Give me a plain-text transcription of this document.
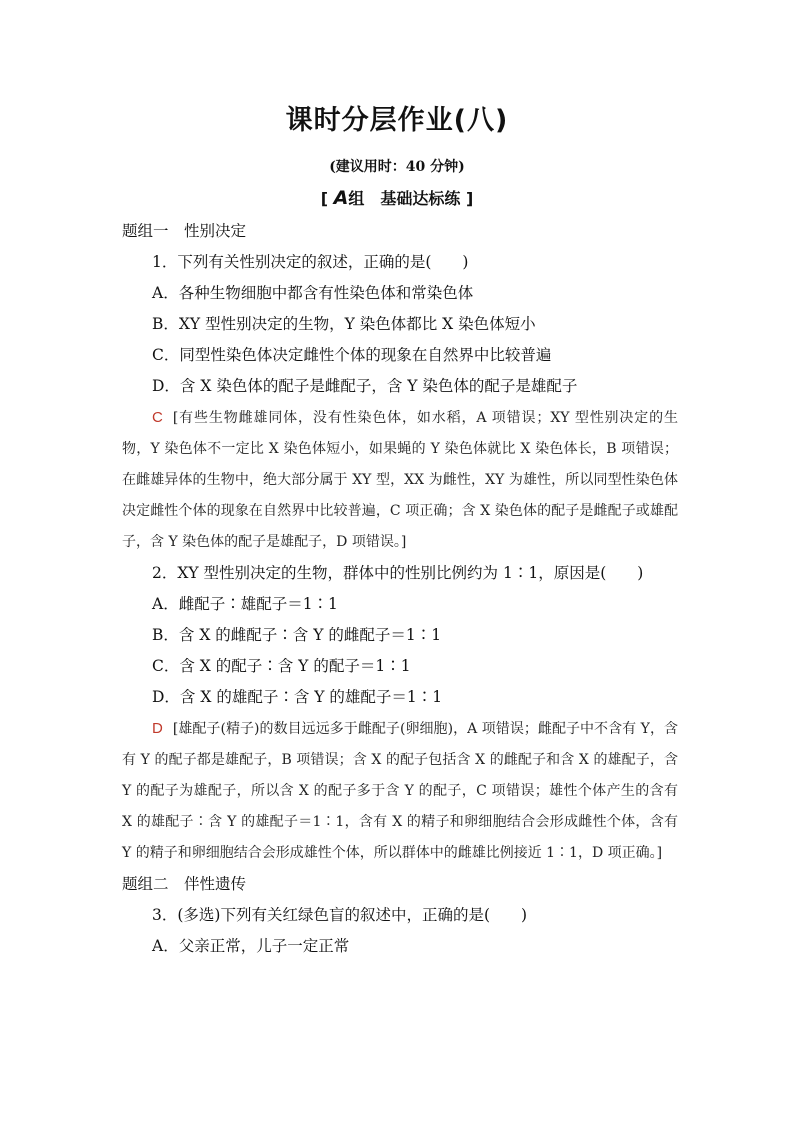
课时分层作业(八)
(建议用时：40 分钟)
[ A组　基础达标练 ]
题组一　性别决定
1．下列有关性别决定的叙述，正确的是(　　)
A．各种生物细胞中都含有性染色体和常染色体
B．XY 型性别决定的生物，Y 染色体都比 X 染色体短小
C．同型性染色体决定雌性个体的现象在自然界中比较普遍
D．含 X 染色体的配子是雌配子，含 Y 染色体的配子是雄配子
C [有些生物雌雄同体，没有性染色体，如水稻，A 项错误；XY 型性别决定的生物，Y 染色体不一定比 X 染色体短小，如果蝇的 Y 染色体就比 X 染色体长，B 项错误；在雌雄异体的生物中，绝大部分属于 XY 型，XX 为雌性，XY 为雄性，所以同型性染色体决定雌性个体的现象在自然界中比较普遍，C 项正确；含 X 染色体的配子是雌配子或雄配子，含 Y 染色体的配子是雄配子，D 项错误。]
2．XY 型性别决定的生物，群体中的性别比例约为 1∶1，原因是(　　)
A．雌配子∶雄配子＝1∶1
B．含 X 的雌配子∶含 Y 的雌配子＝1∶1
C．含 X 的配子∶含 Y 的配子＝1∶1
D．含 X 的雄配子∶含 Y 的雄配子＝1∶1
D [雄配子(精子)的数目远远多于雌配子(卵细胞)，A 项错误；雌配子中不含有 Y，含有 Y 的配子都是雄配子，B 项错误；含 X 的配子包括含 X 的雌配子和含 X 的雄配子，含 Y 的配子为雄配子，所以含 X 的配子多于含 Y 的配子，C 项错误；雄性个体产生的含有 X 的雄配子∶含 Y 的雄配子＝1∶1，含有 X 的精子和卵细胞结合会形成雌性个体，含有 Y 的精子和卵细胞结合会形成雄性个体，所以群体中的雌雄比例接近 1∶1，D 项正确。]
题组二　伴性遗传
3．(多选)下列有关红绿色盲的叙述中，正确的是(　　)
A．父亲正常，儿子一定正常
